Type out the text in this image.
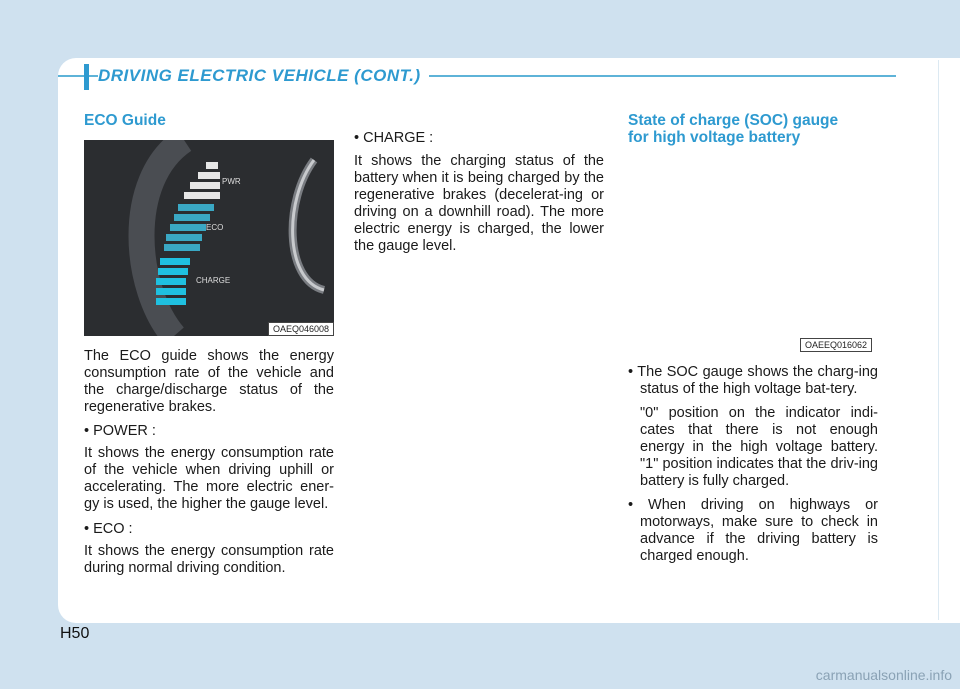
DRIVING ELECTRIC VEHICLE (CONT.)
ECO Guide
PWR
ECO
CHARGE
OAEQ046008

The ECO guide shows the energy consumption rate of the vehicle and the charge/discharge status of the regenerative brakes.

• POWER :

It shows the energy consumption rate of the vehicle when driving uphill or accelerating. The more electric ener-gy is used, the higher the gauge level.

• ECO :

It shows the energy consumption rate during normal driving condition.

• CHARGE :

It shows the charging status of the battery when it is being charged by the regenerative brakes (decelerat-ing or driving on a downhill road). The more electric energy is charged, the lower the gauge level.

State of charge (SOC) gauge
for high voltage battery
OAEEQ016062

• The SOC gauge shows the charg-ing status of the high voltage bat-tery.

"0" position on the indicator indi-cates that there is not enough energy in the high voltage battery. "1" position indicates that the driv-ing battery is fully charged.

• When driving on highways or motorways, make sure to check in advance if the driving battery is charged enough.

H50
carmanualsonline.info
